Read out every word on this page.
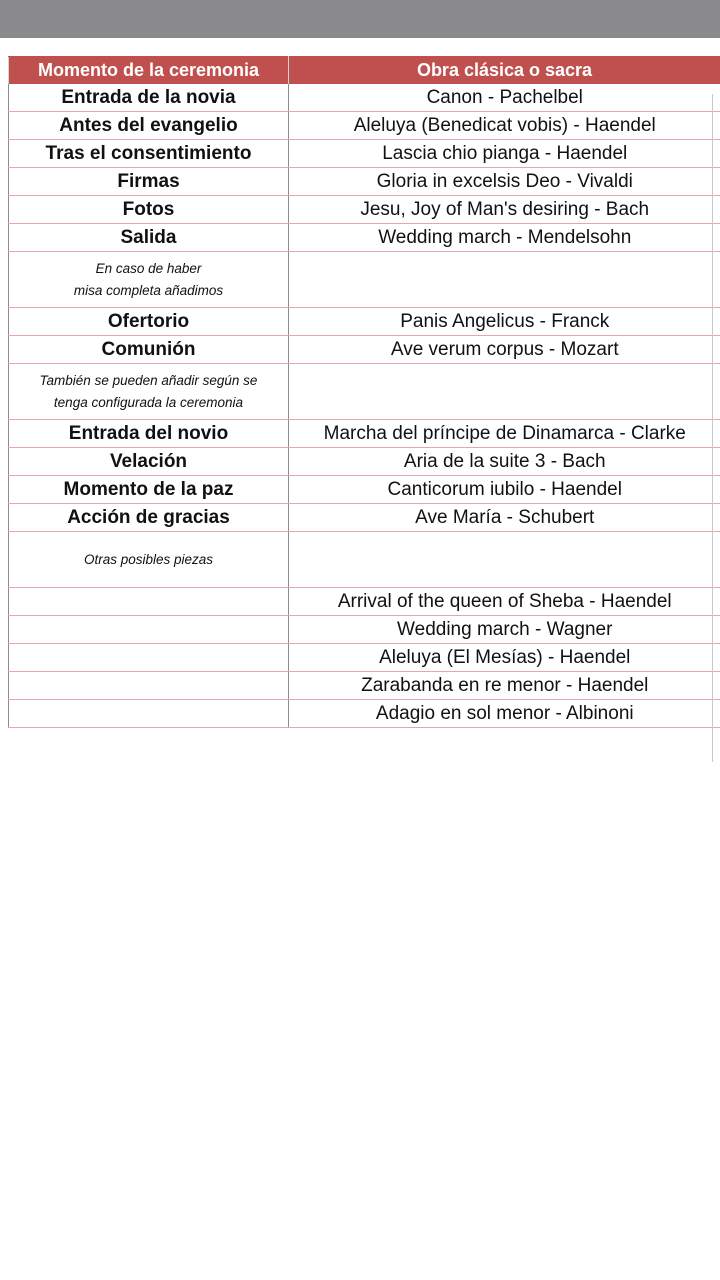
Momento de la ceremonia	Obra clásica o sacra
Entrada de la novia	Canon - Pachelbel
Antes del evangelio	Aleluya (Benedicat vobis) - Haendel
Tras el consentimiento	Lascia chio pianga - Haendel
Firmas	Gloria in excelsis Deo - Vivaldi
Fotos	Jesu, Joy of Man's desiring - Bach
Salida	Wedding march - Mendelsohn

En caso de haber
misa completa añadimos	

Ofertorio	Panis Angelicus - Franck
Comunión	Ave verum corpus - Mozart

También se pueden añadir según se
tenga configurada la ceremonia	

Entrada del novio	Marcha del príncipe de Dinamarca - Clarke
Velación	Aria de la suite 3 - Bach
Momento de la paz	Canticorum iubilo - Haendel
Acción de gracias	Ave María - Schubert
Otras posibles piezas	
	Arrival of the queen of Sheba - Haendel
	Wedding march - Wagner
	Aleluya (El Mesías) - Haendel
	Zarabanda en re menor - Haendel
	Adagio en sol menor - Albinoni
